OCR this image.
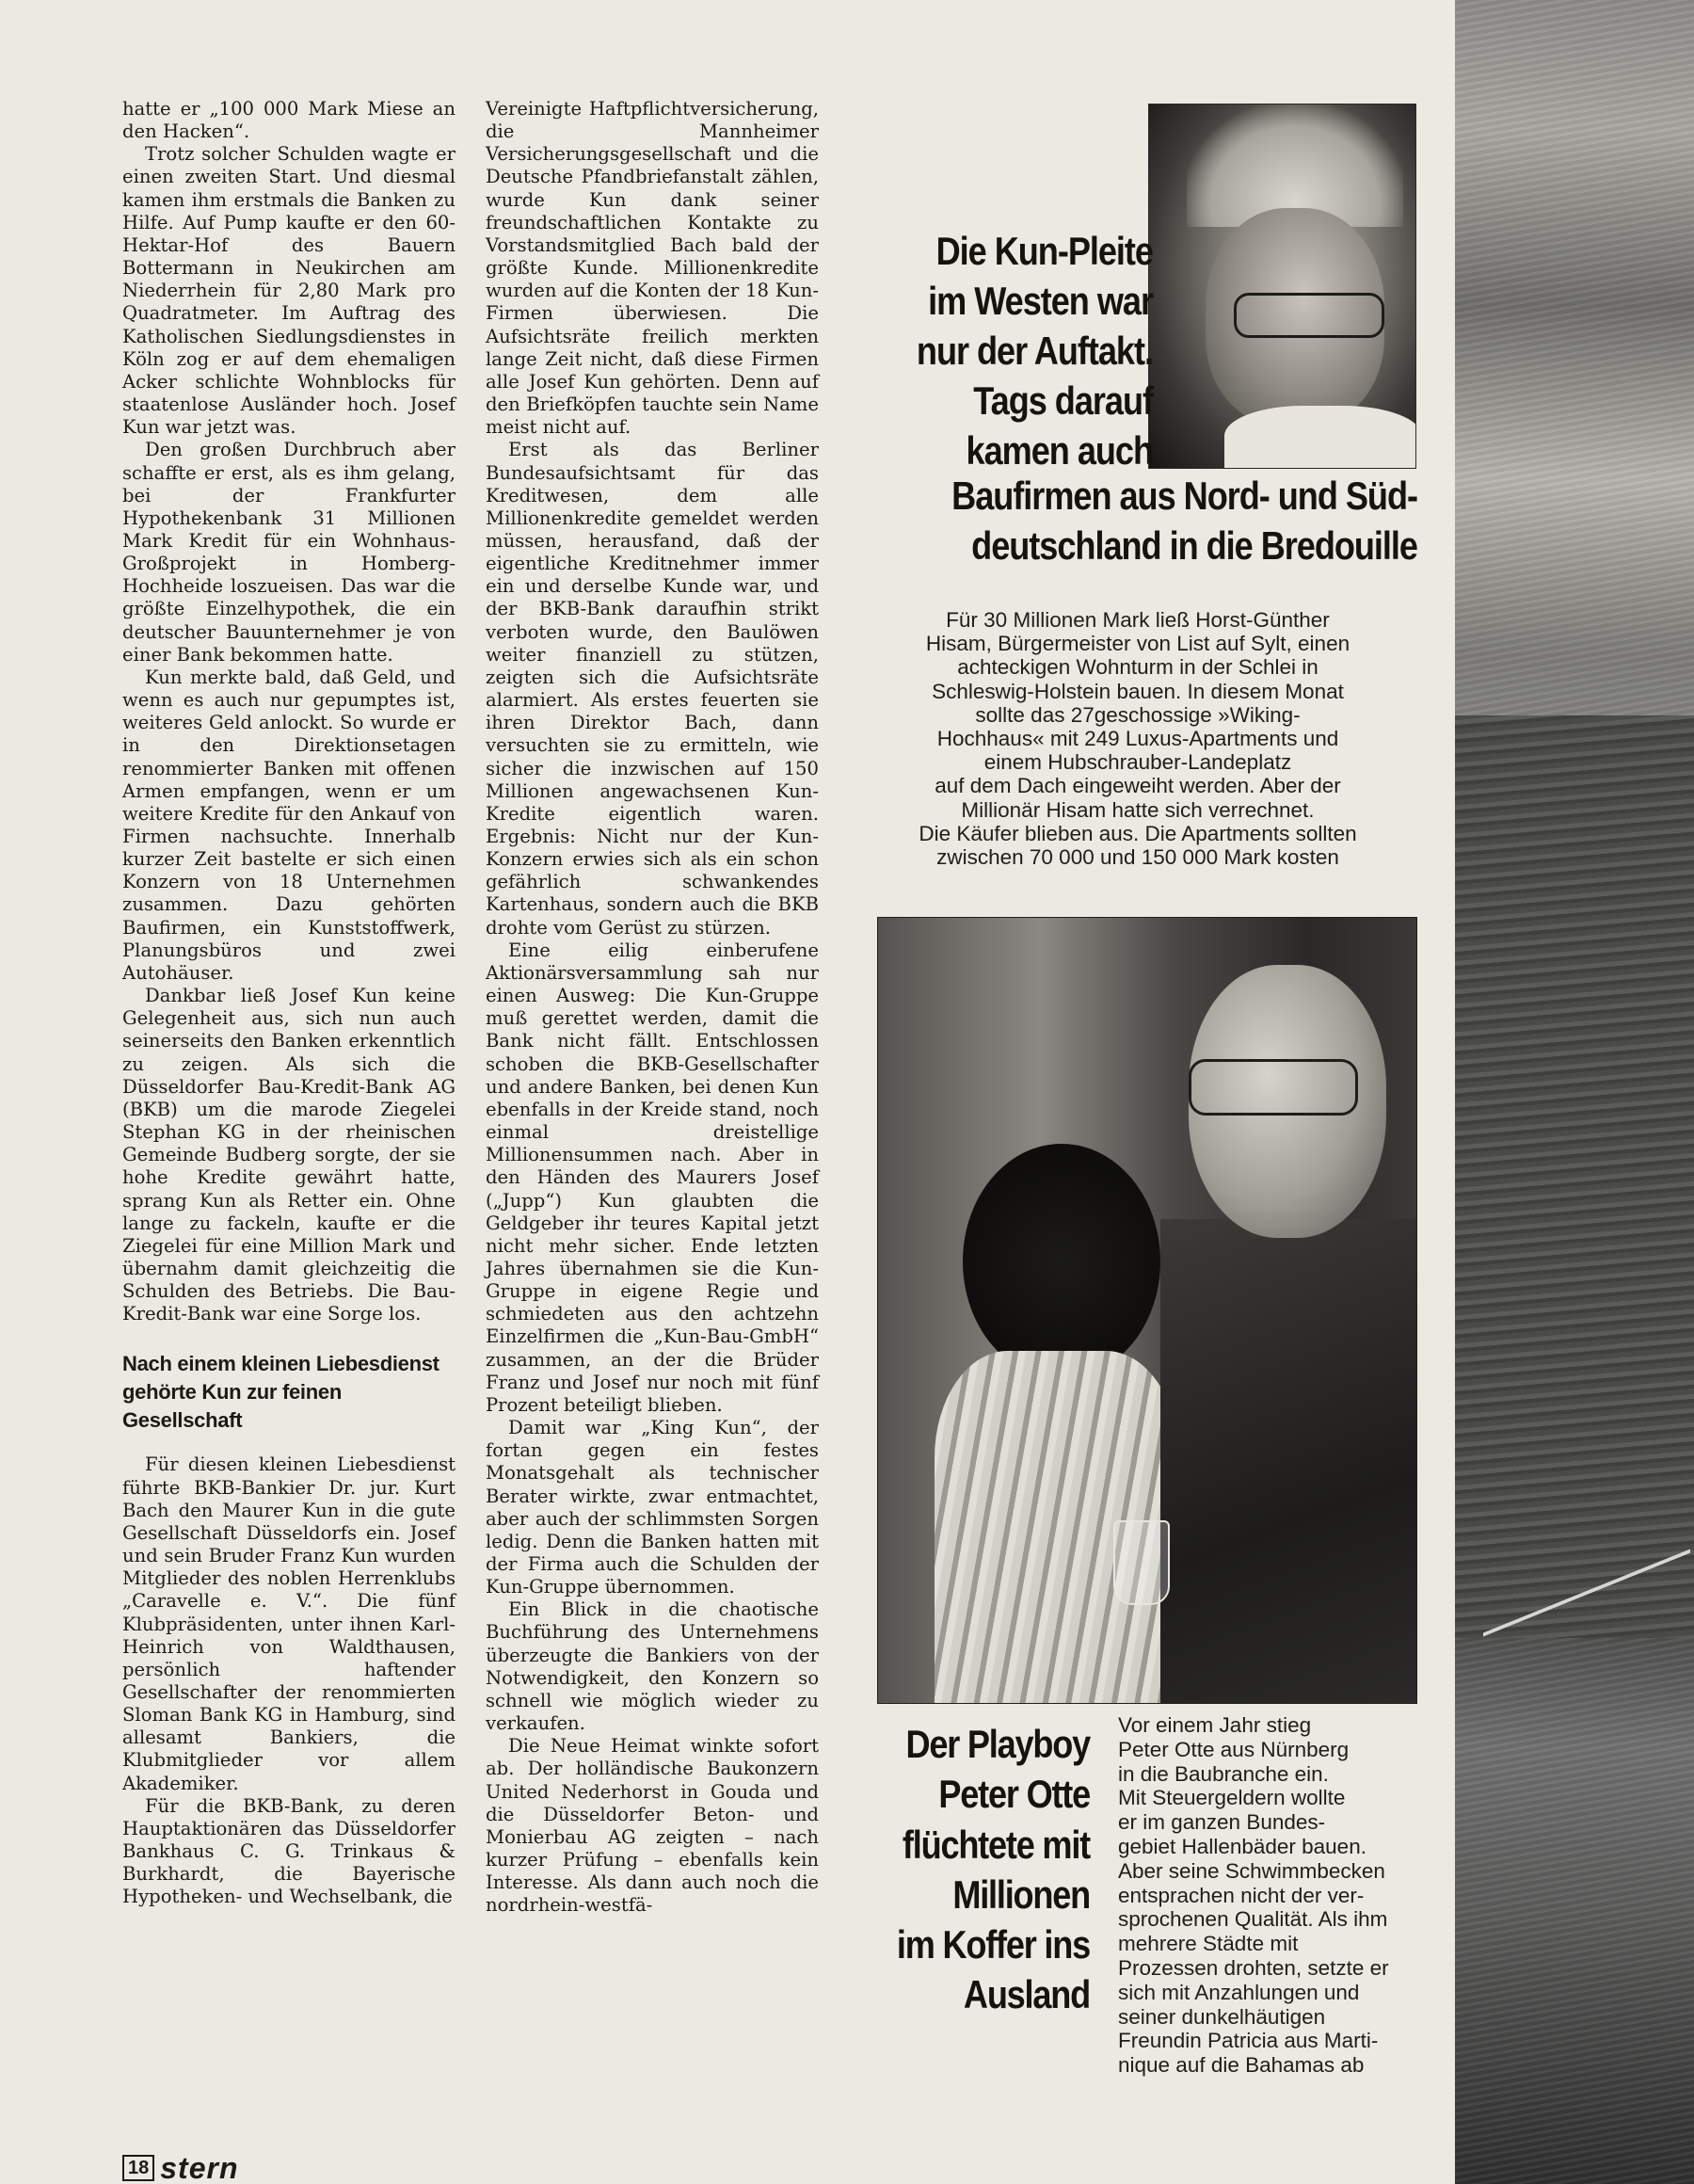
hatte er „100 000 Mark Miese an den Hacken“.

Trotz solcher Schulden wagte er einen zweiten Start. Und diesmal kamen ihm erstmals die Banken zu Hilfe. Auf Pump kaufte er den 60-Hektar-Hof des Bauern Bottermann in Neukirchen am Niederrhein für 2,80 Mark pro Quadratmeter. Im Auftrag des Katholischen Siedlungsdienstes in Köln zog er auf dem ehemaligen Acker schlichte Wohnblocks für staatenlose Ausländer hoch. Josef Kun war jetzt was.

Den großen Durchbruch aber schaffte er erst, als es ihm gelang, bei der Frankfurter Hypothekenbank 31 Millionen Mark Kredit für ein Wohnhaus-Großprojekt in Homberg-Hochheide loszueisen. Das war die größte Einzelhypothek, die ein deutscher Bauunternehmer je von einer Bank bekommen hatte.

Kun merkte bald, daß Geld, und wenn es auch nur gepumptes ist, weiteres Geld anlockt. So wurde er in den Direktionsetagen renommierter Banken mit offenen Armen empfangen, wenn er um weitere Kredite für den Ankauf von Firmen nachsuchte. Innerhalb kurzer Zeit bastelte er sich einen Konzern von 18 Unternehmen zusammen. Dazu gehörten Baufirmen, ein Kunststoffwerk, Planungsbüros und zwei Autohäuser.

Dankbar ließ Josef Kun keine Gelegenheit aus, sich nun auch seinerseits den Banken erkenntlich zu zeigen. Als sich die Düsseldorfer Bau-Kredit-Bank AG (BKB) um die marode Ziegelei Stephan KG in der rheinischen Gemeinde Budberg sorgte, der sie hohe Kredite gewährt hatte, sprang Kun als Retter ein. Ohne lange zu fackeln, kaufte er die Ziegelei für eine Million Mark und übernahm damit gleichzeitig die Schulden des Betriebs. Die Bau-Kredit-Bank war eine Sorge los.

Nach einem kleinen Liebesdienst gehörte Kun zur feinen Gesellschaft

Für diesen kleinen Liebesdienst führte BKB-Bankier Dr. jur. Kurt Bach den Maurer Kun in die gute Gesellschaft Düsseldorfs ein. Josef und sein Bruder Franz Kun wurden Mitglieder des noblen Herrenklubs „Caravelle e. V.“. Die fünf Klubpräsidenten, unter ihnen Karl-Heinrich von Waldthausen, persönlich haftender Gesellschafter der renommierten Sloman Bank KG in Hamburg, sind allesamt Bankiers, die Klubmitglieder vor allem Akademiker.

Für die BKB-Bank, zu deren Hauptaktionären das Düsseldorfer Bankhaus C. G. Trinkaus & Burkhardt, die Bayerische Hypotheken- und Wechselbank, die

Vereinigte Haftpflichtversicherung, die Mannheimer Versicherungsgesellschaft und die Deutsche Pfandbriefanstalt zählen, wurde Kun dank seiner freundschaftlichen Kontakte zu Vorstandsmitglied Bach bald der größte Kunde. Millionenkredite wurden auf die Konten der 18 Kun-Firmen überwiesen. Die Aufsichtsräte freilich merkten lange Zeit nicht, daß diese Firmen alle Josef Kun gehörten. Denn auf den Briefköpfen tauchte sein Name meist nicht auf.

Erst als das Berliner Bundesaufsichtsamt für das Kreditwesen, dem alle Millionenkredite gemeldet werden müssen, herausfand, daß der eigentliche Kreditnehmer immer ein und derselbe Kunde war, und der BKB-Bank daraufhin strikt verboten wurde, den Baulöwen weiter finanziell zu stützen, zeigten sich die Aufsichtsräte alarmiert. Als erstes feuerten sie ihren Direktor Bach, dann versuchten sie zu ermitteln, wie sicher die inzwischen auf 150 Millionen angewachsenen Kun-Kredite eigentlich waren. Ergebnis: Nicht nur der Kun-Konzern erwies sich als ein schon gefährlich schwankendes Kartenhaus, sondern auch die BKB drohte vom Gerüst zu stürzen.

Eine eilig einberufene Aktionärsversammlung sah nur einen Ausweg: Die Kun-Gruppe muß gerettet werden, damit die Bank nicht fällt. Entschlossen schoben die BKB-Gesellschafter und andere Banken, bei denen Kun ebenfalls in der Kreide stand, noch einmal dreistellige Millionensummen nach. Aber in den Händen des Maurers Josef („Jupp“) Kun glaubten die Geldgeber ihr teures Kapital jetzt nicht mehr sicher. Ende letzten Jahres übernahmen sie die Kun-Gruppe in eigene Regie und schmiedeten aus den achtzehn Einzelfirmen die „Kun-Bau-GmbH“ zusammen, an der die Brüder Franz und Josef nur noch mit fünf Prozent beteiligt blieben.

Damit war „King Kun“, der fortan gegen ein festes Monatsgehalt als technischer Berater wirkte, zwar entmachtet, aber auch der schlimmsten Sorgen ledig. Denn die Banken hatten mit der Firma auch die Schulden der Kun-Gruppe übernommen.

Ein Blick in die chaotische Buchführung des Unternehmens überzeugte die Bankiers von der Notwendigkeit, den Konzern so schnell wie möglich wieder zu verkaufen.

Die Neue Heimat winkte sofort ab. Der holländische Baukonzern United Nederhorst in Gouda und die Düsseldorfer Beton- und Monierbau AG zeigten – nach kurzer Prüfung – ebenfalls kein Interesse. Als dann auch noch die nordrhein-westfä-

Die Kun-Pleite
im Westen war
nur der Auftakt.
Tags darauf
kamen auch
Baufirmen aus Nord- und Süd-
deutschland in die Bredouille
Für 30 Millionen Mark ließ Horst-Günther
Hisam, Bürgermeister von List auf Sylt, einen
achteckigen Wohnturm in der Schlei in
Schleswig-Holstein bauen. In diesem Monat
sollte das 27geschossige »Wiking-
Hochhaus« mit 249 Luxus-Apartments und
einem Hubschrauber-Landeplatz
auf dem Dach eingeweiht werden. Aber der
Millionär Hisam hatte sich verrechnet.
Die Käufer blieben aus. Die Apartments sollten
zwischen 70 000 und 150 000 Mark kosten
Der Playboy
Peter Otte
flüchtete mit
Millionen
im Koffer ins
Ausland
Vor einem Jahr stieg
Peter Otte aus Nürnberg
in die Baubranche ein.
Mit Steuergeldern wollte
er im ganzen Bundes-
gebiet Hallenbäder bauen.
Aber seine Schwimmbecken
entsprachen nicht der ver-
sprochenen Qualität. Als ihm
mehrere Städte mit
Prozessen drohten, setzte er
sich mit Anzahlungen und
seiner dunkelhäutigen
Freundin Patricia aus Marti-
nique auf die Bahamas ab
18 stern
